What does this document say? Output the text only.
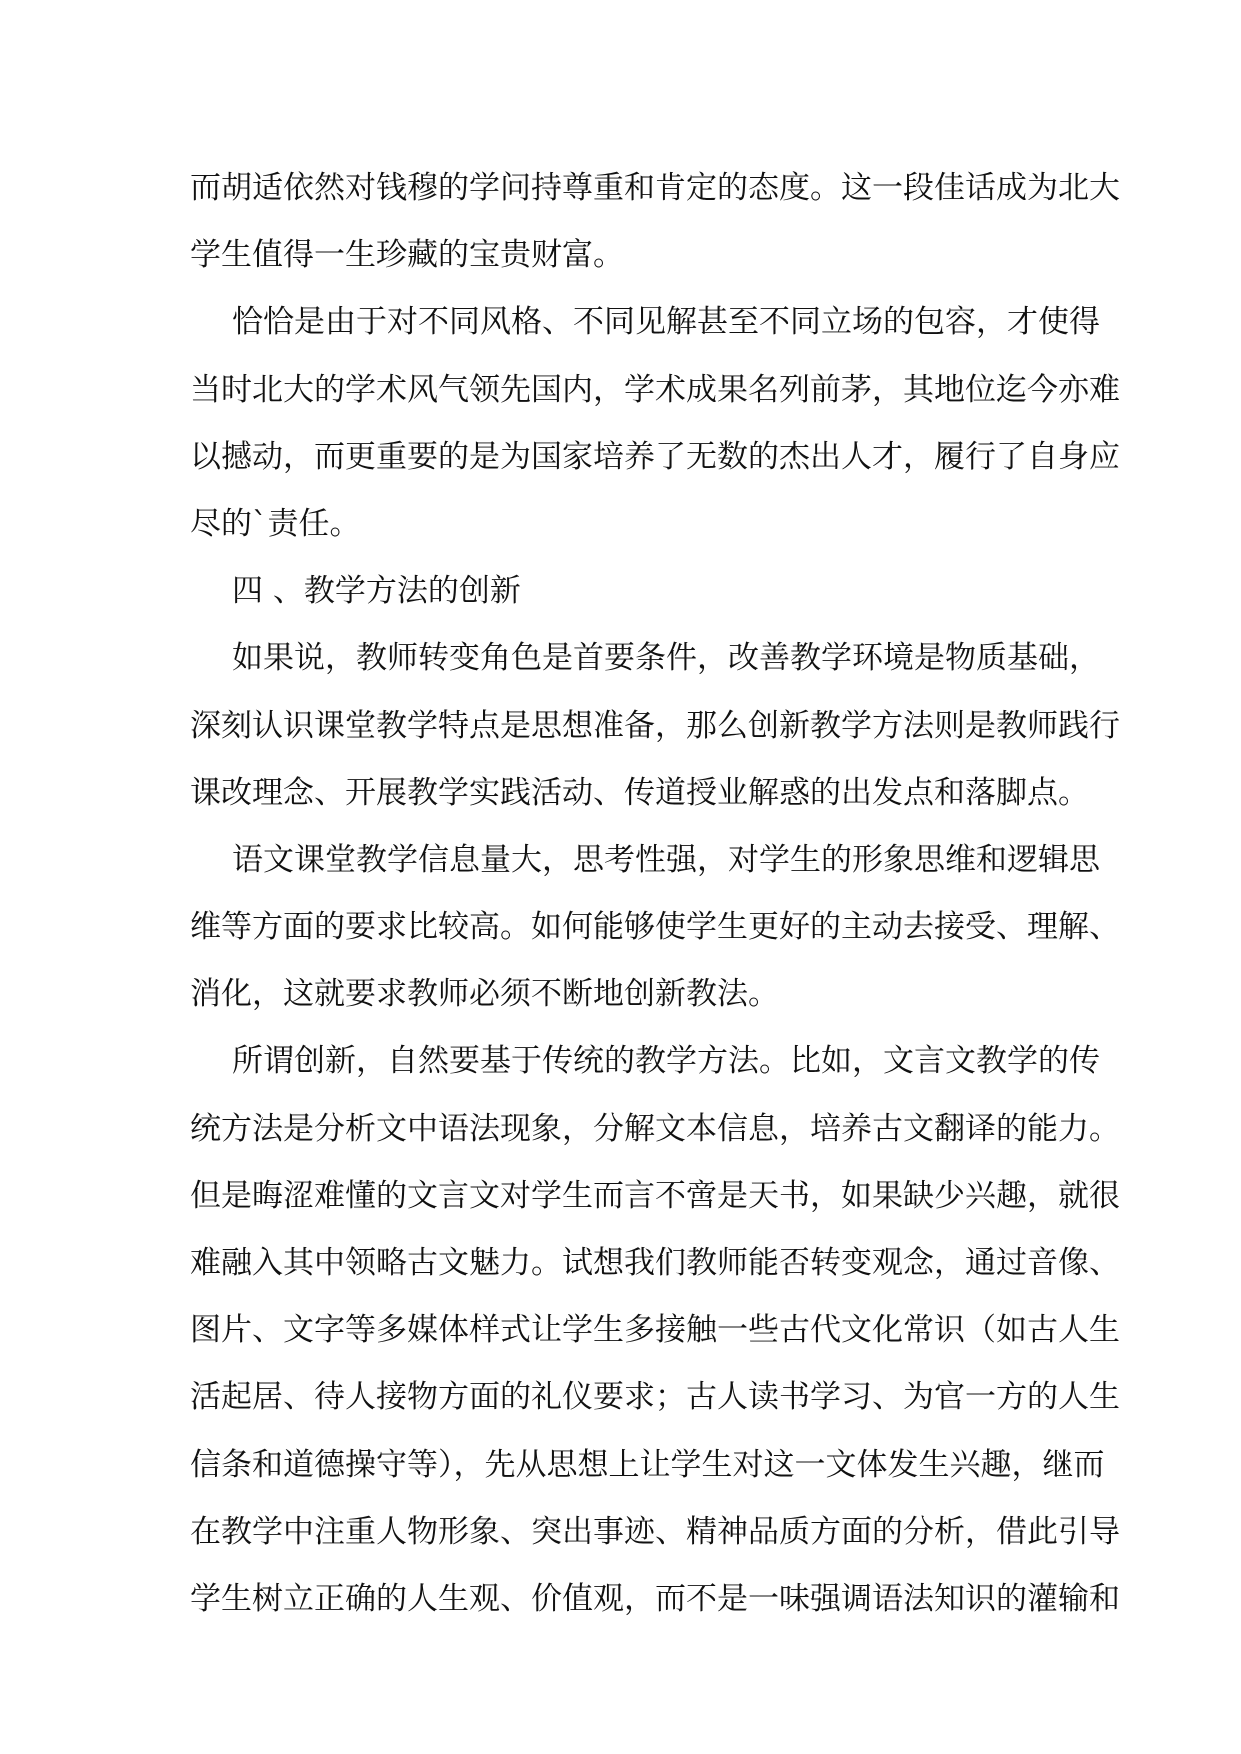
而胡适依然对钱穆的学问持尊重和肯定的态度。这一段佳话成为北大
学生值得一生珍藏的宝贵财富。
恰恰是由于对不同风格、不同见解甚至不同立场的包容，才使得
当时北大的学术风气领先国内，学术成果名列前茅，其地位迄今亦难
以撼动，而更重要的是为国家培养了无数的杰出人才，履行了自身应
尽的`责任。
四 、教学方法的创新
如果说，教师转变角色是首要条件，改善教学环境是物质基础，
深刻认识课堂教学特点是思想准备，那么创新教学方法则是教师践行
课改理念、开展教学实践活动、传道授业解惑的出发点和落脚点。
语文课堂教学信息量大，思考性强，对学生的形象思维和逻辑思
维等方面的要求比较高。如何能够使学生更好的主动去接受、理解、
消化，这就要求教师必须不断地创新教法。
所谓创新，自然要基于传统的教学方法。比如，文言文教学的传
统方法是分析文中语法现象，分解文本信息，培养古文翻译的能力。
但是晦涩难懂的文言文对学生而言不啻是天书，如果缺少兴趣，就很
难融入其中领略古文魅力。试想我们教师能否转变观念，通过音像、
图片、文字等多媒体样式让学生多接触一些古代文化常识（如古人生
活起居、待人接物方面的礼仪要求；古人读书学习、为官一方的人生
信条和道德操守等），先从思想上让学生对这一文体发生兴趣，继而
在教学中注重人物形象、突出事迹、精神品质方面的分析，借此引导
学生树立正确的人生观、价值观，而不是一味强调语法知识的灌输和
